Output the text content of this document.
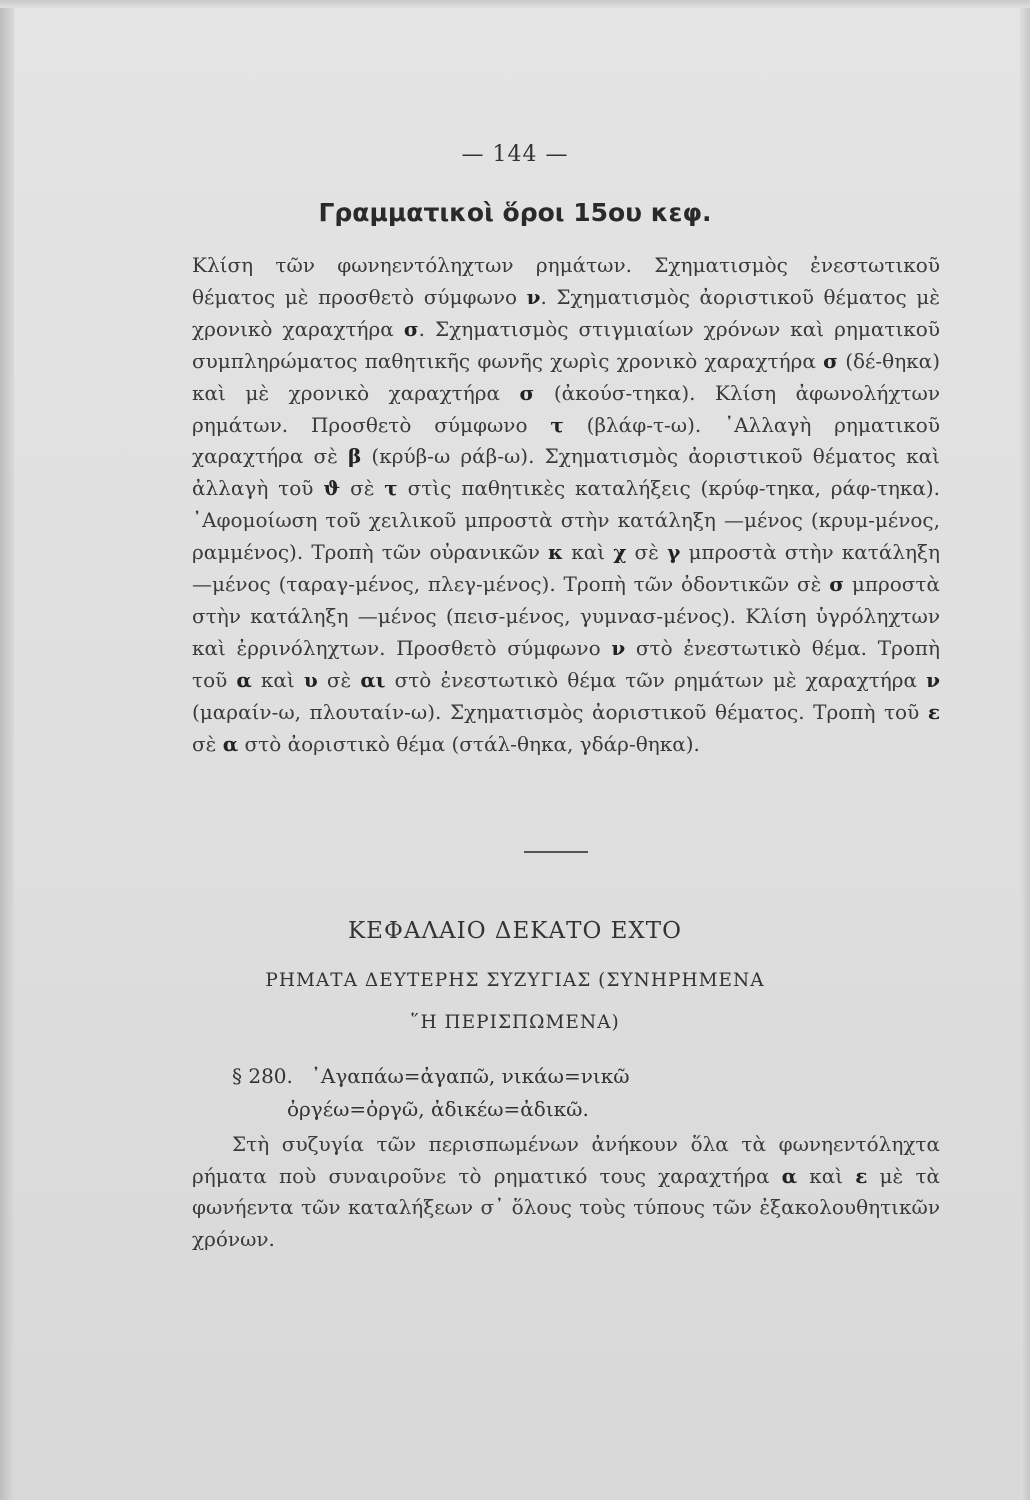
— 144 —
Γραμματικοὶ ὅροι 15ου κεφ.

Κλίση τῶν φωνηεντόληχτων ρημάτων. Σχηματισμὸς ἐνεστωτικοῦ θέματος μὲ προσθετὸ σύμφωνο ν. Σχηματισμὸς ἀοριστικοῦ θέματος μὲ χρονικὸ χαραχτήρα σ. Σχηματισμὸς στιγμιαίων χρόνων καὶ ρηματικοῦ συμπληρώματος παθητικῆς φωνῆς χωρὶς χρονικὸ χαραχτήρα σ (δέ-θηκα) καὶ μὲ χρονικὸ χαραχτήρα σ (ἀκούσ-τηκα). Κλίση ἀφωνολήχτων ρημάτων. Προσθετὸ σύμφωνο τ (βλάφ-τ-ω). ᾽Αλλαγὴ ρηματικοῦ χαραχτήρα σὲ β (κρύβ-ω ράβ-ω). Σχηματισμὸς ἀοριστικοῦ θέματος καὶ ἀλλαγὴ τοῦ ϑ σὲ τ στὶς παθητικὲς καταλήξεις (κρύφ-τηκα, ράφ-τηκα). ᾽Αφομοίωση τοῦ χειλικοῦ μπροστὰ στὴν κατάληξη —μένος (κρυμ-μένος, ραμμένος). Τροπὴ τῶν οὐρανικῶν κ καὶ χ σὲ γ μπροστὰ στὴν κατάληξη —μένος (ταραγ-μένος, πλεγ-μένος). Τροπὴ τῶν ὀδοντικῶν σὲ σ μπροστὰ στὴν κατάληξη —μένος (πεισ-μένος, γυμνασ-μένος). Κλίση ὑγρόληχτων καὶ ἐρρινόληχτων. Προσθετὸ σύμφωνο ν στὸ ἐνεστωτικὸ θέμα. Τροπὴ τοῦ α καὶ υ σὲ αι στὸ ἐνεστωτικὸ θέμα τῶν ρημάτων μὲ χαραχτήρα ν (μαραίν-ω, πλουταίν-ω). Σχηματισμὸς ἀοριστικοῦ θέματος. Τροπὴ τοῦ ε σὲ α στὸ ἀοριστικὸ θέμα (στάλ-θηκα, γδάρ-θηκα).

ΚΕΦΑΛΑΙΟ ΔΕΚΑΤΟ ΕΧΤΟ
ΡΗΜΑΤΑ ΔΕΥΤΕΡΗΣ ΣΥΖΥΓΙΑΣ (ΣΥΝΗΡΗΜΕΝΑ
῞Η ΠΕΡΙΣΠΩΜΕΝΑ)
§ 280. ᾽Αγαπάω=ἀγαπῶ, νικάω=νικῶ
ὀργέω=ὀργῶ, ἀδικέω=ἀδικῶ.

Στὴ συζυγία τῶν περισπωμένων ἀνήκουν ὅλα τὰ φωνηεντόληχτα ρήματα ποὺ συναιροῦνε τὸ ρηματικό τους χαραχτήρα α καὶ ε μὲ τὰ φωνήεντα τῶν καταλήξεων σ᾽ ὅλους τοὺς τύπους τῶν ἐξακολουθητικῶν χρόνων.
